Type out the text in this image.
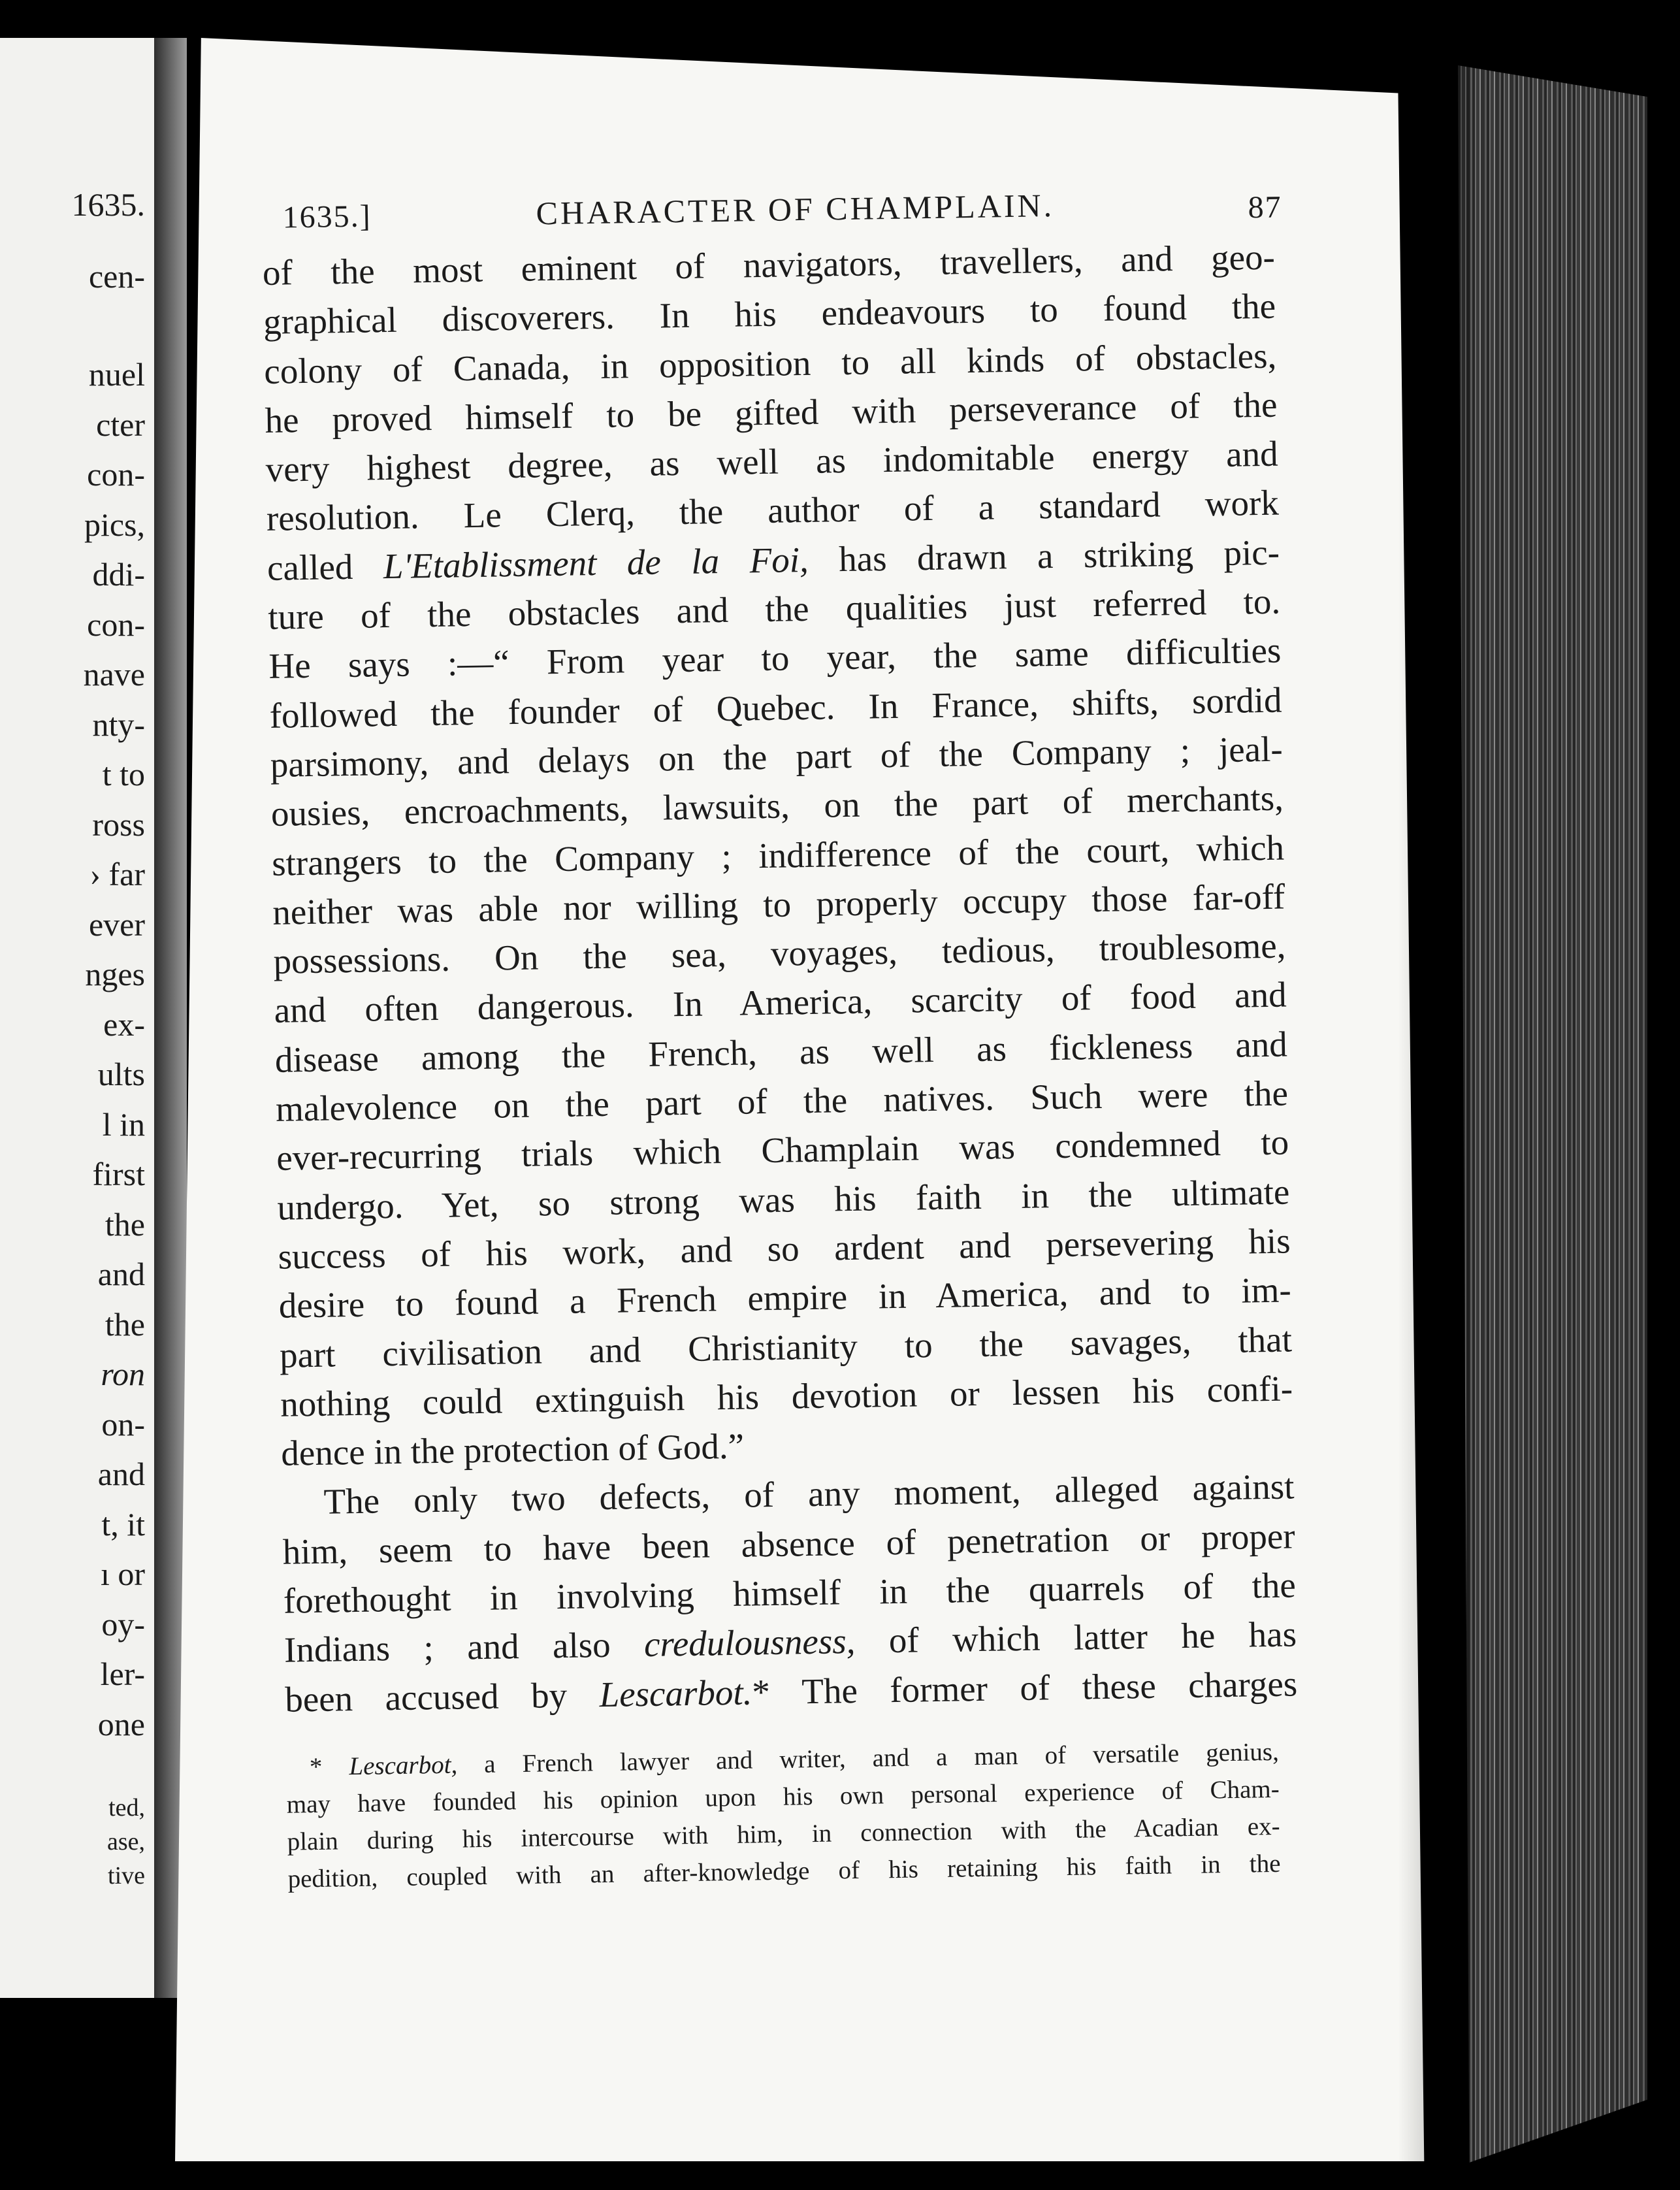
1635.
cen-
nuel
cter
con-
pics,
ddi-
con-
nave
nty-
t to
ross
› far
ever
nges
ex-
ults
l in
first
the
and
the
ron
on-
and
t, it
ı or
oy-
ler-
one
ted,
ase,
tive
1635.]	CHARACTER OF CHAMPLAIN.	87
of the most eminent of navigators, travellers, and geo-
graphical discoverers. In his endeavours to found the
colony of Canada, in opposition to all kinds of obstacles,
he proved himself to be gifted with perseverance of the
very highest degree, as well as indomitable energy and
resolution. Le Clerq, the author of a standard work
called L'Etablissment de la Foi, has drawn a striking pic-
ture of the obstacles and the qualities just referred to.
He says :—“ From year to year, the same difficulties
followed the founder of Quebec. In France, shifts, sordid
parsimony, and delays on the part of the Company ; jeal-
ousies, encroachments, lawsuits, on the part of merchants,
strangers to the Company ; indifference of the court, which
neither was able nor willing to properly occupy those far-off
possessions. On the sea, voyages, tedious, troublesome,
and often dangerous. In America, scarcity of food and
disease among the French, as well as fickleness and
malevolence on the part of the natives. Such were the
ever-recurring trials which Champlain was condemned to
undergo. Yet, so strong was his faith in the ultimate
success of his work, and so ardent and persevering his
desire to found a French empire in America, and to im-
part civilisation and Christianity to the savages, that
nothing could extinguish his devotion or lessen his confi-
dence in the protection of God.”
The only two defects, of any moment, alleged against
him, seem to have been absence of penetration or proper
forethought in involving himself in the quarrels of the
Indians ; and also credulousness, of which latter he has
been accused by Lescarbot.* The former of these charges
* Lescarbot, a French lawyer and writer, and a man of versatile genius,
may have founded his opinion upon his own personal experience of Cham-
plain during his intercourse with him, in connection with the Acadian ex-
pedition, coupled with an after-knowledge of his retaining his faith in the
